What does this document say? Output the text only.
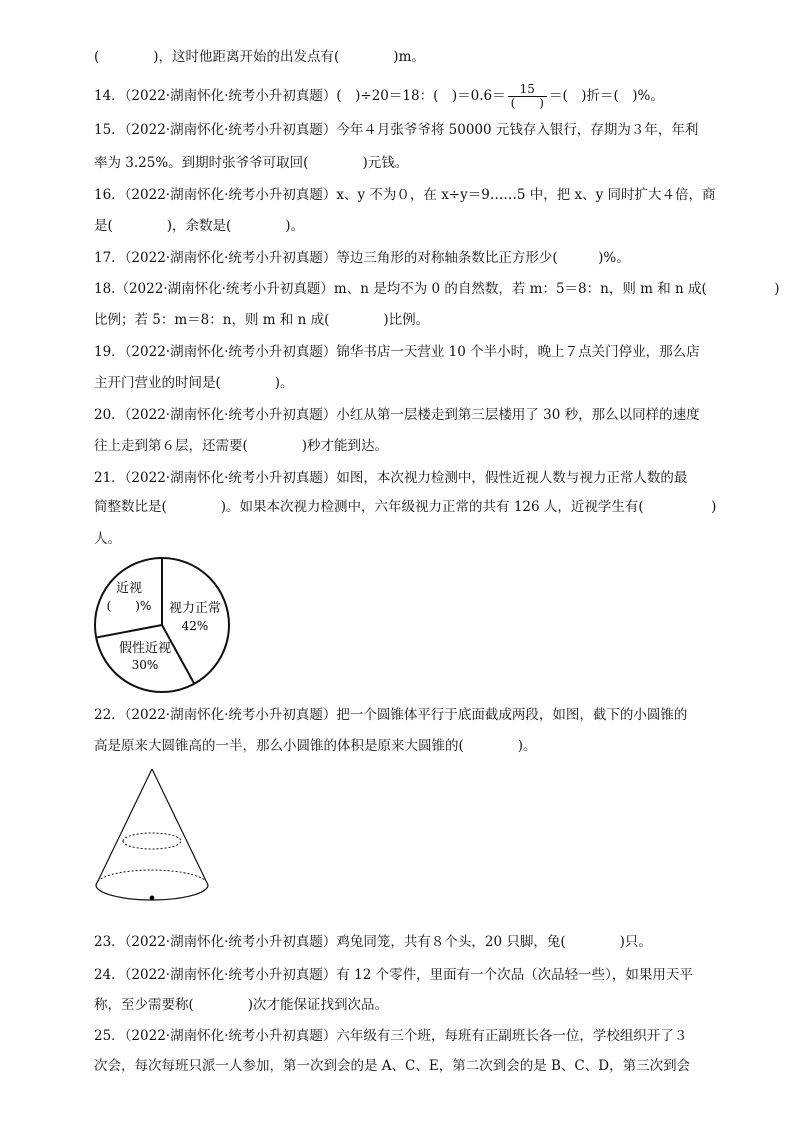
(　　　　)，这时他距离开始的出发点有(　　　　)m。
14．（2022·湖南怀化·统考小升初真题）(　)÷20＝18：(　)$=0.6= \frac{15}{( )}$ ＝(　)折＝(　)%。
15．（2022·湖南怀化·统考小升初真题）今年４月张爷爷将 50000 元钱存入银行，存期为３年，年利
率为 3.25%。到期时张爷爷可取回(　　　　)元钱。
16．（2022·湖南怀化·统考小升初真题）x、y 不为０，在 x÷y＝9……5 中，把 x、y 同时扩大４倍，商
是(　　　　)，余数是(　　　　)。
17．（2022·湖南怀化·统考小升初真题）等边三角形的对称轴条数比正方形少(　　　)%。
18.（2022·湖南怀化·统考小升初真题）m、n 是均不为 0 的自然数，若 m：5＝8：n，则 m 和 n 成(　　　　　)
比例；若 5：m＝8：n，则 m 和 n 成(　　　　)比例。
19．（2022·湖南怀化·统考小升初真题）锦华书店一天营业 10 个半小时，晚上７点关门停业，那么店
主开门营业的时间是(　　　　)。
20．（2022·湖南怀化·统考小升初真题）小红从第一层楼走到第三层楼用了 30 秒，那么以同样的速度
往上走到第６层，还需要(　　　　)秒才能到达。
21．（2022·湖南怀化·统考小升初真题）如图，本次视力检测中，假性近视人数与视力正常人数的最
简整数比是(　　　　)。如果本次视力检测中，六年级视力正常的共有 126 人，近视学生有(　　　　　)
人。
近视
(　　)% 视力正常
42%
假性近视
30%
22．（2022·湖南怀化·统考小升初真题）把一个圆锥体平行于底面截成两段，如图，截下的小圆锥的
高是原来大圆锥高的一半，那么小圆锥的体积是原来大圆锥的(　　　　)。
•
23．（2022·湖南怀化·统考小升初真题）鸡兔同笼，共有８个头，20 只脚，兔(　　　　)只。
24．（2022·湖南怀化·统考小升初真题）有 12 个零件，里面有一个次品（次品轻一些），如果用天平
称，至少需要称(　　　　)次才能保证找到次品。
25．（2022·湖南怀化·统考小升初真题）六年级有三个班，每班有正副班长各一位，学校组织开了３
次会，每次每班只派一人参加，第一次到会的是 A、C、E，第二次到会的是 B、C、D，第三次到会
